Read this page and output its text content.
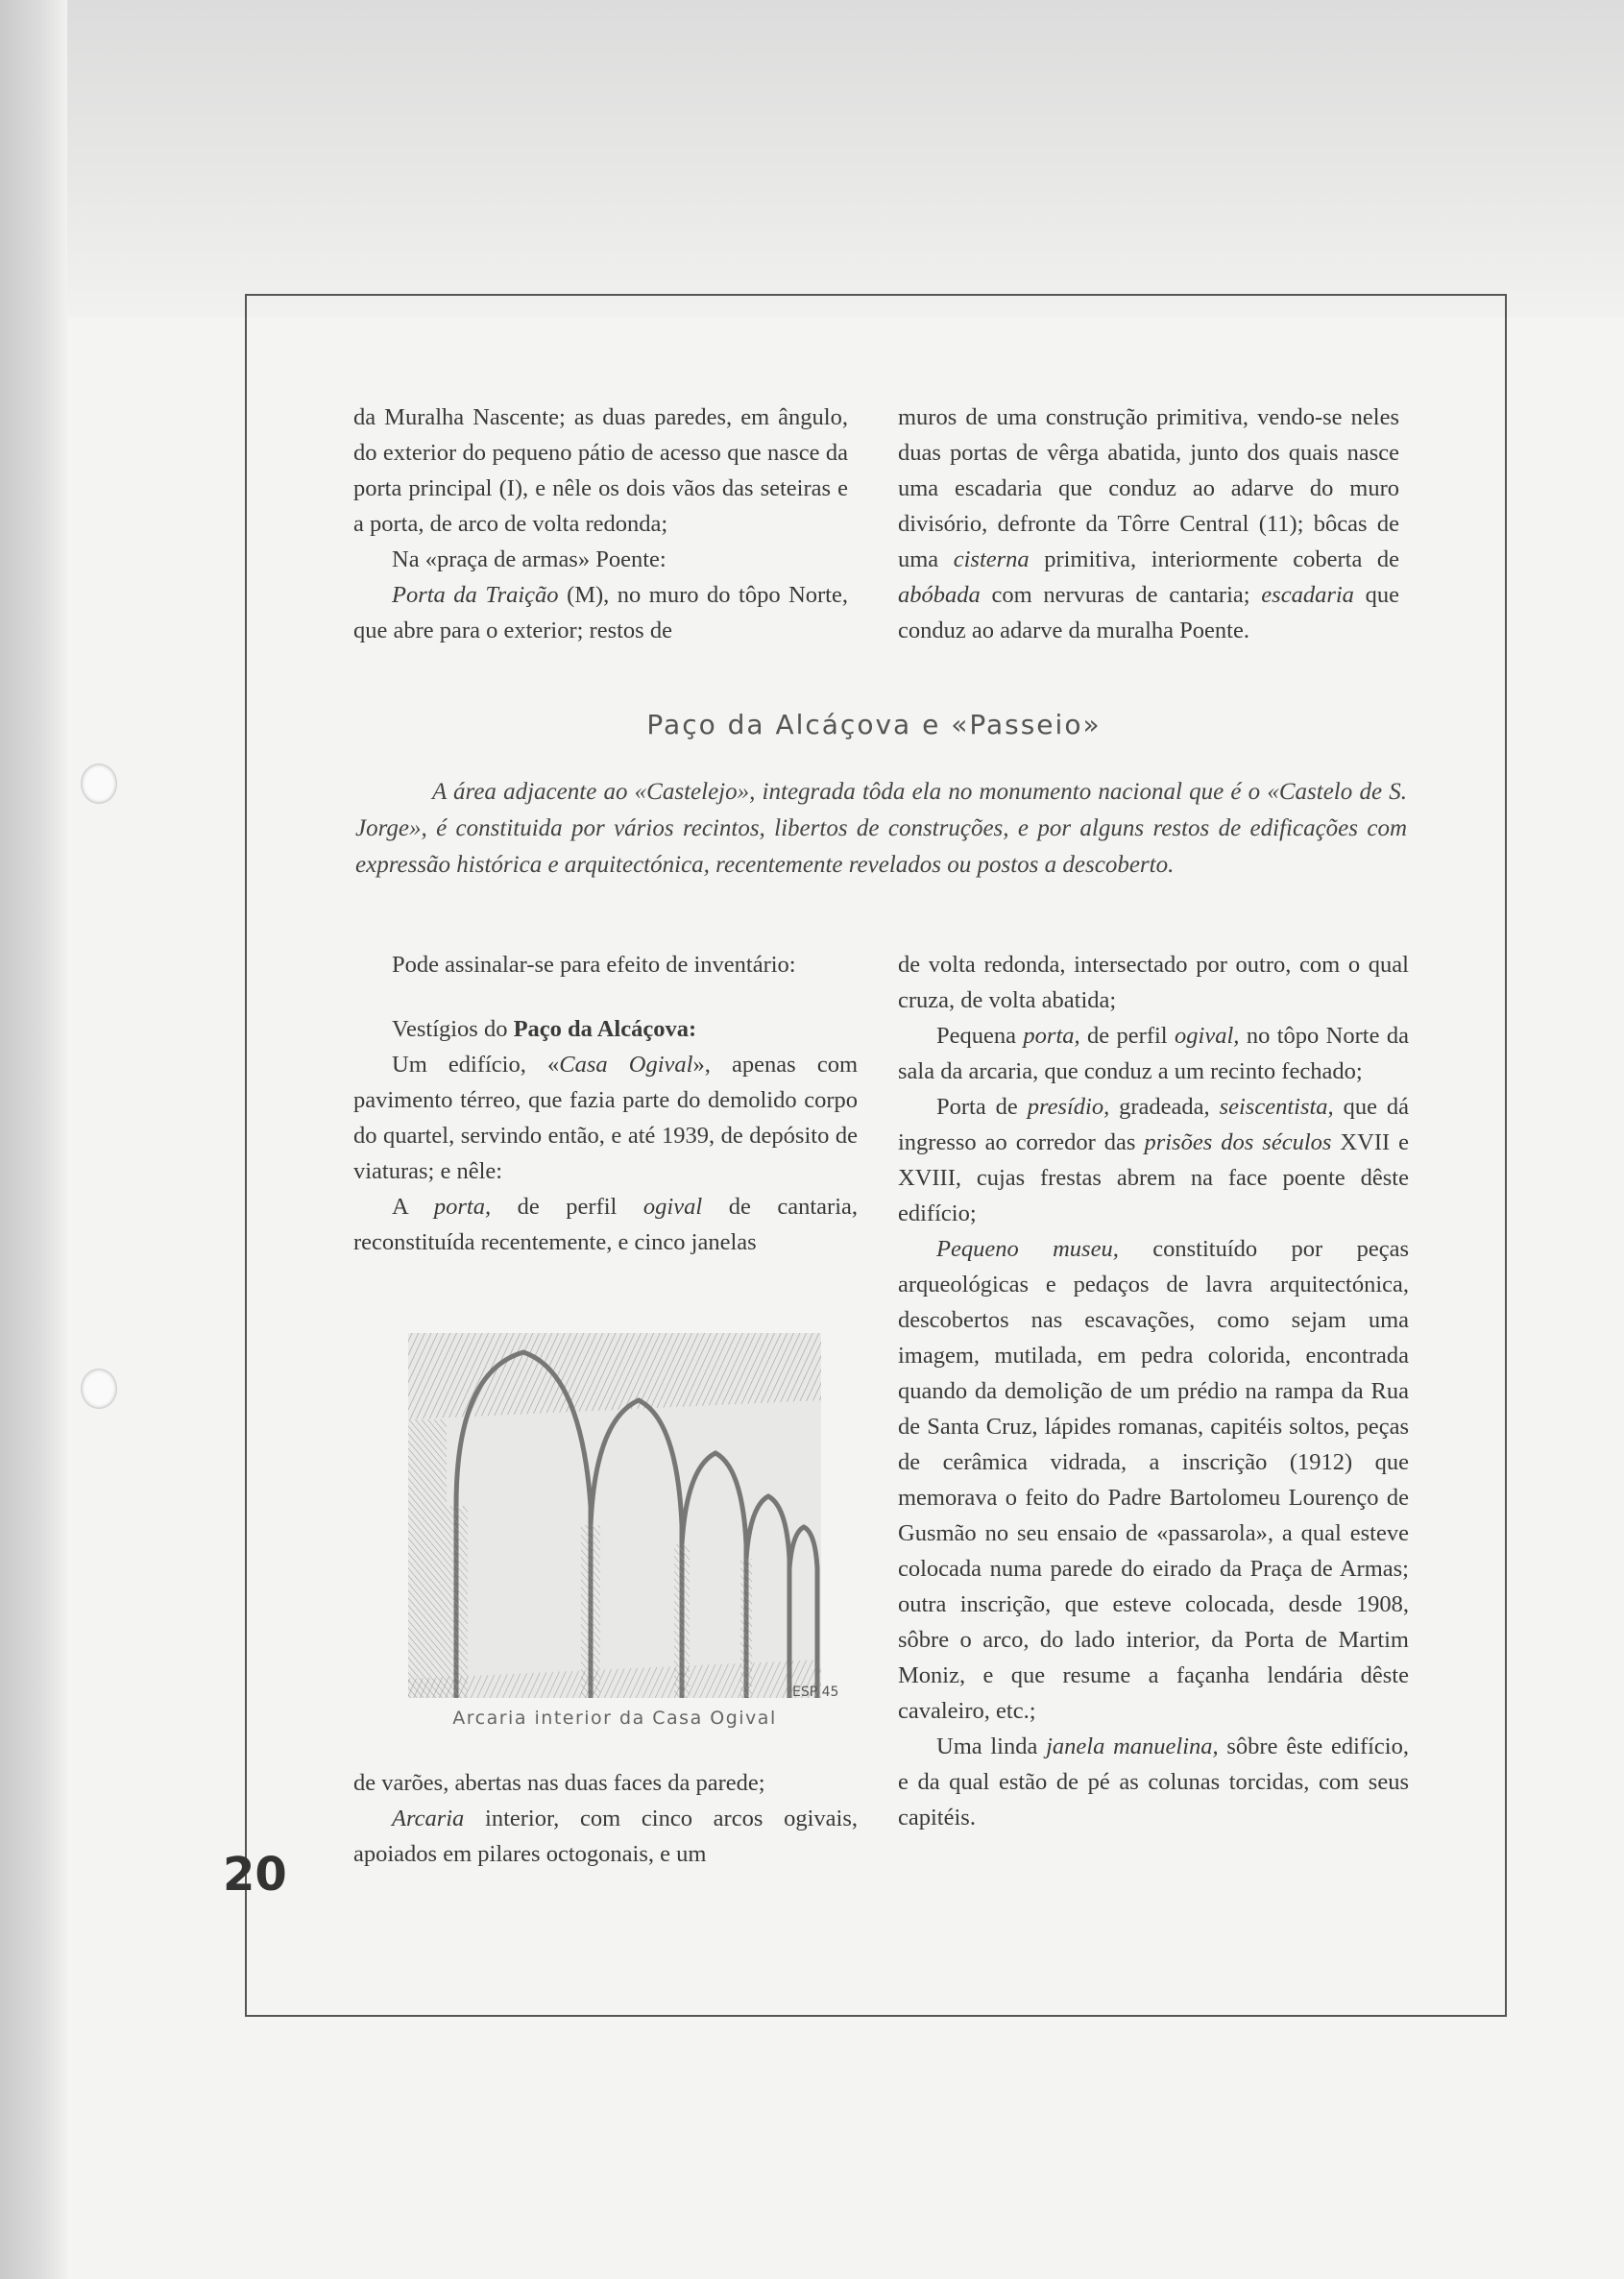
da Muralha Nascente; as duas paredes, em ângulo, do exterior do pequeno pátio de acesso que nasce da porta principal (I), e nêle os dois vãos das seteiras e a porta, de arco de volta redonda;

Na «praça de armas» Poente:

Porta da Traição (M), no muro do tôpo Norte, que abre para o exterior; restos de

muros de uma construção primitiva, vendo-se neles duas portas de vêrga abatida, junto dos quais nasce uma escadaria que conduz ao adarve do muro divisório, defronte da Tôrre Central (11); bôcas de uma cisterna primitiva, interiormente coberta de abóbada com nervuras de cantaria; escadaria que conduz ao adarve da muralha Poente.

Paço da Alcáçova e «Passeio»
A área adjacente ao «Castelejo», integrada tôda ela no monumento nacional que é o «Castelo de S. Jorge», é constituida por vários recintos, libertos de construções, e por alguns restos de edificações com expressão histórica e arquitectónica, recentemente revelados ou postos a descoberto.

Pode assinalar-se para efeito de inventário:

Vestígios do Paço da Alcáçova:

Um edifício, «Casa Ogival», apenas com pavimento térreo, que fazia parte do demolido corpo do quartel, servindo então, e até 1939, de depósito de viaturas; e nêle:

A porta, de perfil ogival de cantaria, reconstituída recentemente, e cinco janelas

ESP 45
Arcaria interior da Casa Ogival

de varões, abertas nas duas faces da parede;

Arcaria interior, com cinco arcos ogivais, apoiados em pilares octogonais, e um

de volta redonda, intersectado por outro, com o qual cruza, de volta abatida;

Pequena porta, de perfil ogival, no tôpo Norte da sala da arcaria, que conduz a um recinto fechado;

Porta de presídio, gradeada, seiscentista, que dá ingresso ao corredor das prisões dos séculos XVII e XVIII, cujas frestas abrem na face poente dêste edifício;

Pequeno museu, constituído por peças arqueológicas e pedaços de lavra arquitectónica, descobertos nas escavações, como sejam uma imagem, mutilada, em pedra colorida, encontrada quando da demolição de um prédio na rampa da Rua de Santa Cruz, lápides romanas, capitéis soltos, peças de cerâmica vidrada, a inscrição (1912) que memorava o feito do Padre Bartolomeu Lourenço de Gusmão no seu ensaio de «passarola», a qual esteve colocada numa parede do eirado da Praça de Armas; outra inscrição, que esteve colocada, desde 1908, sôbre o arco, do lado interior, da Porta de Martim Moniz, e que resume a façanha lendária dêste cavaleiro, etc.;

Uma linda janela manuelina, sôbre êste edifício, e da qual estão de pé as colunas torcidas, com seus capitéis.

20
